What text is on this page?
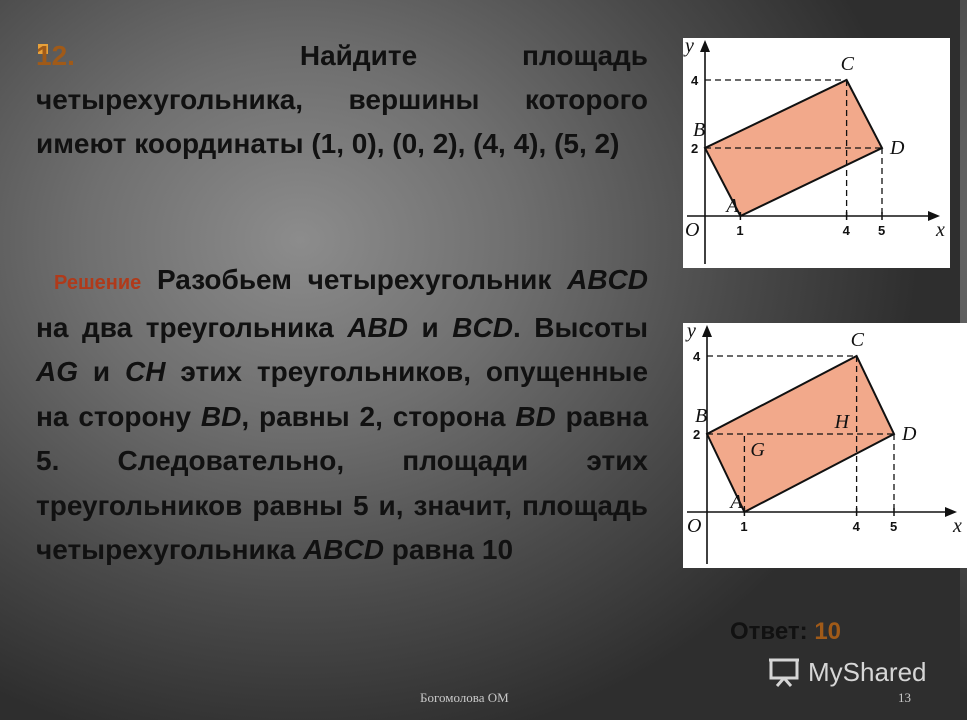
12.	Найдите площадь четырехугольника, вершины которого имеют координаты (1, 0), (0, 2), (4, 4), (5, 2)
Решение Разобьем четырехугольник ABCD на два треугольника ABD и BCD. Высоты AG и CH этих треугольников, опущенные на сторону BD, равны 2, сторона BD равна 5. Следовательно, площади этих треугольников равны 5 и, значит, площадь четырехугольника ABCD равна 10
x
y
O	1	4 5
2
4
A
B
C
D
x
y
O	1	4 5
2
4
A
B
C
D
G
H
Ответ: 10
MyShared
Богомолова ОМ	13
